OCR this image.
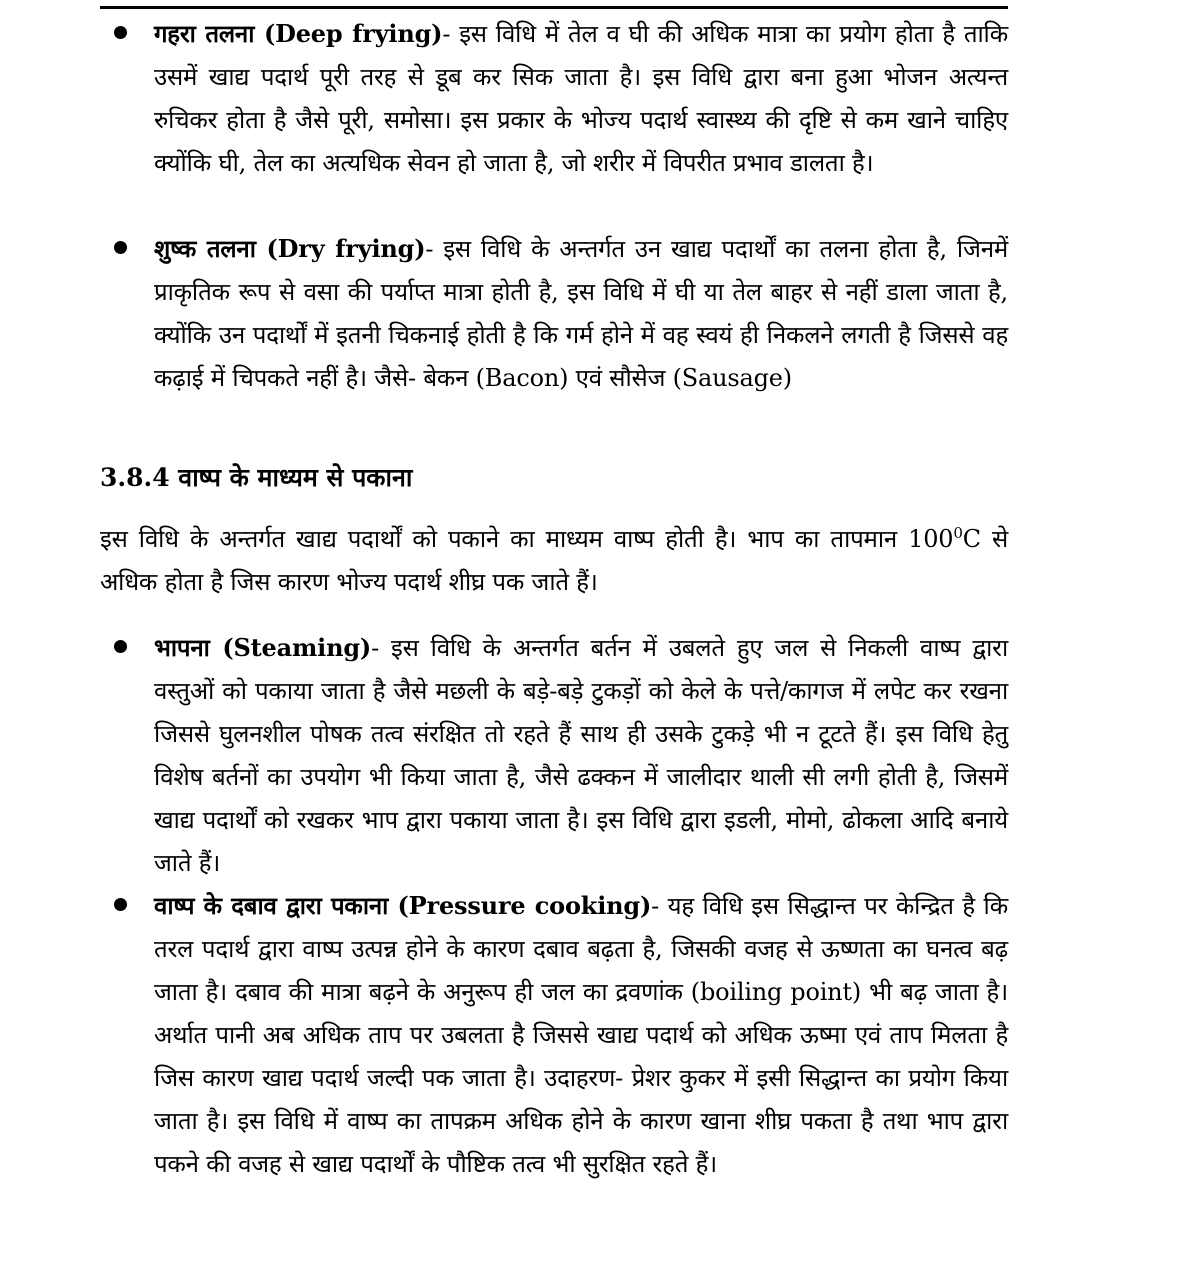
गहरा तलना (Deep frying)- इस विधि में तेल व घी की अधिक मात्रा का प्रयोग होता है ताकि उसमें खाद्य पदार्थ पूरी तरह से डूब कर सिक जाता है। इस विधि द्वारा बना हुआ भोजन अत्यन्त रुचिकर होता है जैसे पूरी, समोसा। इस प्रकार के भोज्य पदार्थ स्वास्थ्य की दृष्टि से कम खाने चाहिए क्योंकि घी, तेल का अत्यधिक सेवन हो जाता है, जो शरीर में विपरीत प्रभाव डालता है।
शुष्क तलना (Dry frying)- इस विधि के अन्तर्गत उन खाद्य पदार्थों का तलना होता है, जिनमें प्राकृतिक रूप से वसा की पर्याप्त मात्रा होती है, इस विधि में घी या तेल बाहर से नहीं डाला जाता है, क्योंकि उन पदार्थों में इतनी चिकनाई होती है कि गर्म होने में वह स्वयं ही निकलने लगती है जिससे वह कढ़ाई में चिपकते नहीं है। जैसे- बेकन (Bacon) एवं सौसेज (Sausage)
3.8.4 वाष्प के माध्यम से पकाना
इस विधि के अन्तर्गत खाद्य पदार्थों को पकाने का माध्यम वाष्प होती है। भाप का तापमान $100^0C$ से अधिक होता है जिस कारण भोज्य पदार्थ शीघ्र पक जाते हैं।
भापना (Steaming)- इस विधि के अन्तर्गत बर्तन में उबलते हुए जल से निकली वाष्प द्वारा वस्तुओं को पकाया जाता है जैसे मछली के बड़े-बड़े टुकड़ों को केले के पत्ते/कागज में लपेट कर रखना जिससे घुलनशील पोषक तत्व संरक्षित तो रहते हैं साथ ही उसके टुकड़े भी न टूटते हैं। इस विधि हेतु विशेष बर्तनों का उपयोग भी किया जाता है, जैसे ढक्कन में जालीदार थाली सी लगी होती है, जिसमें खाद्य पदार्थों को रखकर भाप द्वारा पकाया जाता है। इस विधि द्वारा इडली, मोमो, ढोकला आदि बनाये जाते हैं।
वाष्प के दबाव द्वारा पकाना (Pressure cooking)- यह विधि इस सिद्धान्त पर केन्द्रित है कि तरल पदार्थ द्वारा वाष्प उत्पन्न होने के कारण दबाव बढ़ता है, जिसकी वजह से ऊष्णता का घनत्व बढ़ जाता है। दबाव की मात्रा बढ़ने के अनुरूप ही जल का द्रवणांक (boiling point) भी बढ़ जाता है। अर्थात पानी अब अधिक ताप पर उबलता है जिससे खाद्य पदार्थ को अधिक ऊष्मा एवं ताप मिलता है जिस कारण खाद्य पदार्थ जल्दी पक जाता है। उदाहरण- प्रेशर कुकर में इसी सिद्धान्त का प्रयोग किया जाता है। इस विधि में वाष्प का तापक्रम अधिक होने के कारण खाना शीघ्र पकता है तथा भाप द्वारा पकने की वजह से खाद्य पदार्थों के पौष्टिक तत्व भी सुरक्षित रहते हैं।
